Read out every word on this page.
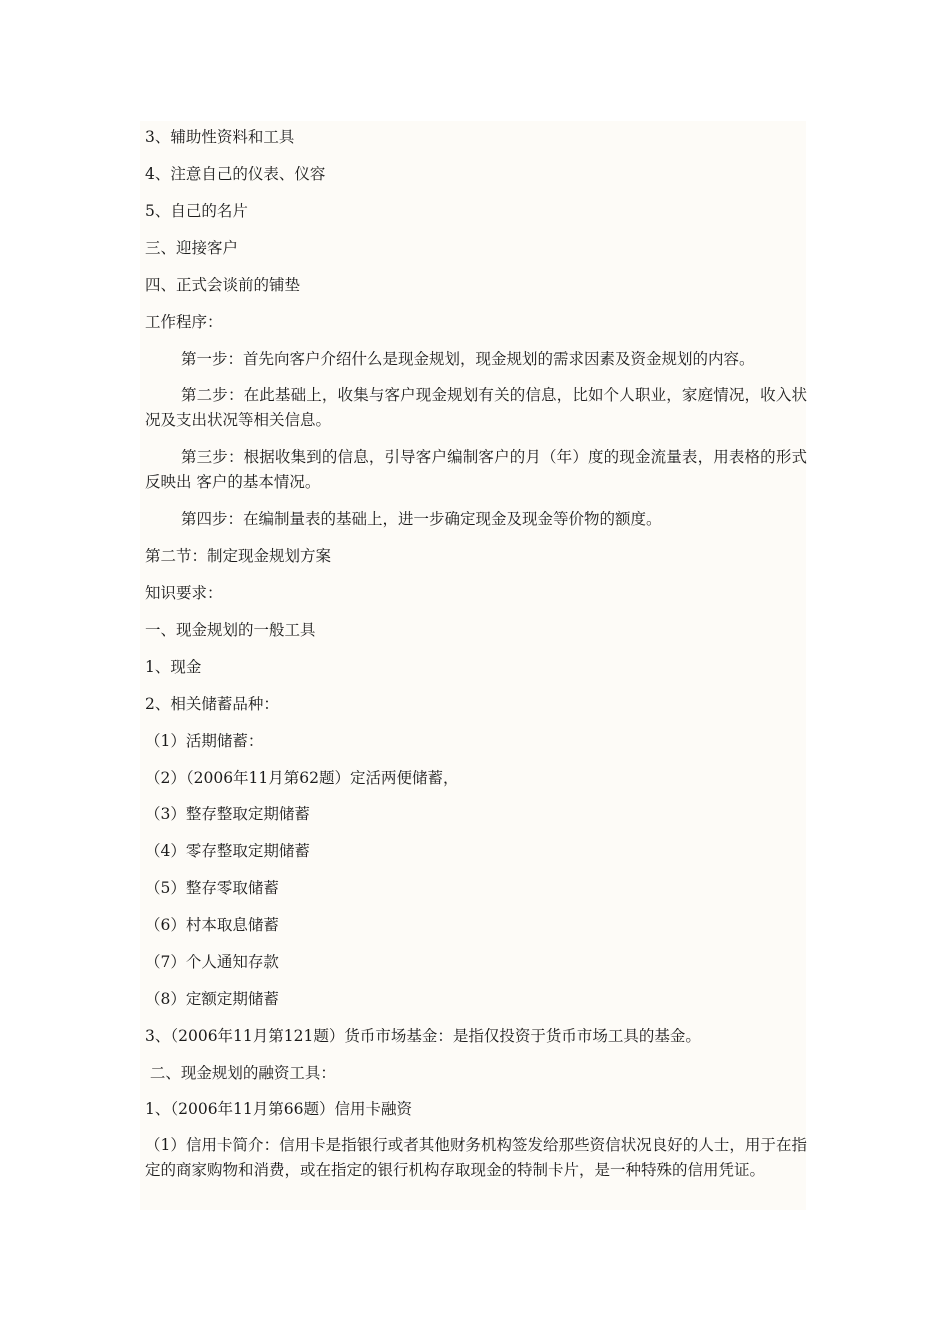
3、辅助性资料和工具

4、注意自己的仪表、仪容

5、自己的名片

三、迎接客户

四、正式会谈前的铺垫

工作程序：

第一步：首先向客户介绍什么是现金规划，现金规划的需求因素及资金规划的内容。

第二步：在此基础上，收集与客户现金规划有关的信息，比如个人职业，家庭情况，收入状况及支出状况等相关信息。

第三步：根据收集到的信息，引导客户编制客户的月（年）度的现金流量表，用表格的形式反映出 客户的基本情况。

第四步：在编制量表的基础上，进一步确定现金及现金等价物的额度。

第二节：制定现金规划方案

知识要求：

一、现金规划的一般工具

1、现金

2、相关储蓄品种：

（1）活期储蓄：

（2）（2006年11月第62题）定活两便储蓄，

（3）整存整取定期储蓄

（4）零存整取定期储蓄

（5）整存零取储蓄

（6）村本取息储蓄

（7）个人通知存款

（8）定额定期储蓄

3、（2006年11月第121题）货币市场基金：是指仅投资于货币市场工具的基金。

二、现金规划的融资工具：

1、（2006年11月第66题）信用卡融资

（1）信用卡简介：信用卡是指银行或者其他财务机构签发给那些资信状况良好的人士，用于在指定的商家购物和消费，或在指定的银行机构存取现金的特制卡片，是一种特殊的信用凭证。
